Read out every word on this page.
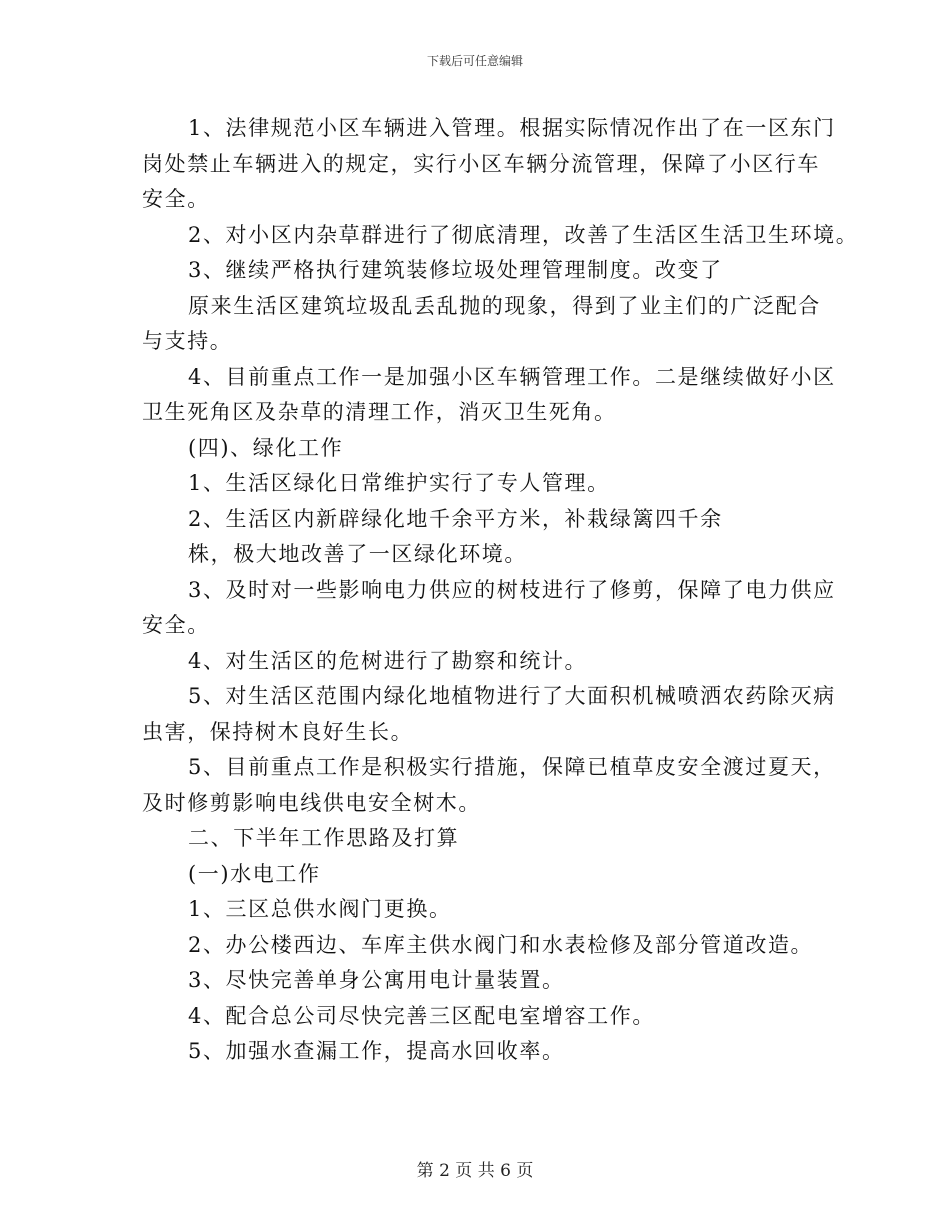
下载后可任意编辑
1、法律规范小区车辆进入管理。根据实际情况作出了在一区东门
岗处禁止车辆进入的规定，实行小区车辆分流管理，保障了小区行车
安全。
2、对小区内杂草群进行了彻底清理，改善了生活区生活卫生环境。
3、继续严格执行建筑装修垃圾处理管理制度。改变了
原来生活区建筑垃圾乱丢乱抛的现象，得到了业主们的广泛配合
与支持。
4、目前重点工作一是加强小区车辆管理工作。二是继续做好小区
卫生死角区及杂草的清理工作，消灭卫生死角。
(四)、绿化工作
1、生活区绿化日常维护实行了专人管理。
2、生活区内新辟绿化地千余平方米，补栽绿篱四千余
株，极大地改善了一区绿化环境。
3、及时对一些影响电力供应的树枝进行了修剪，保障了电力供应
安全。
4、对生活区的危树进行了勘察和统计。
5、对生活区范围内绿化地植物进行了大面积机械喷洒农药除灭病
虫害，保持树木良好生长。
5、目前重点工作是积极实行措施，保障已植草皮安全渡过夏天，
及时修剪影响电线供电安全树木。
二、下半年工作思路及打算
(一)水电工作
1、三区总供水阀门更换。
2、办公楼西边、车库主供水阀门和水表检修及部分管道改造。
3、尽快完善单身公寓用电计量装置。
4、配合总公司尽快完善三区配电室增容工作。
5、加强水查漏工作，提高水回收率。
第 2 页 共 6 页
